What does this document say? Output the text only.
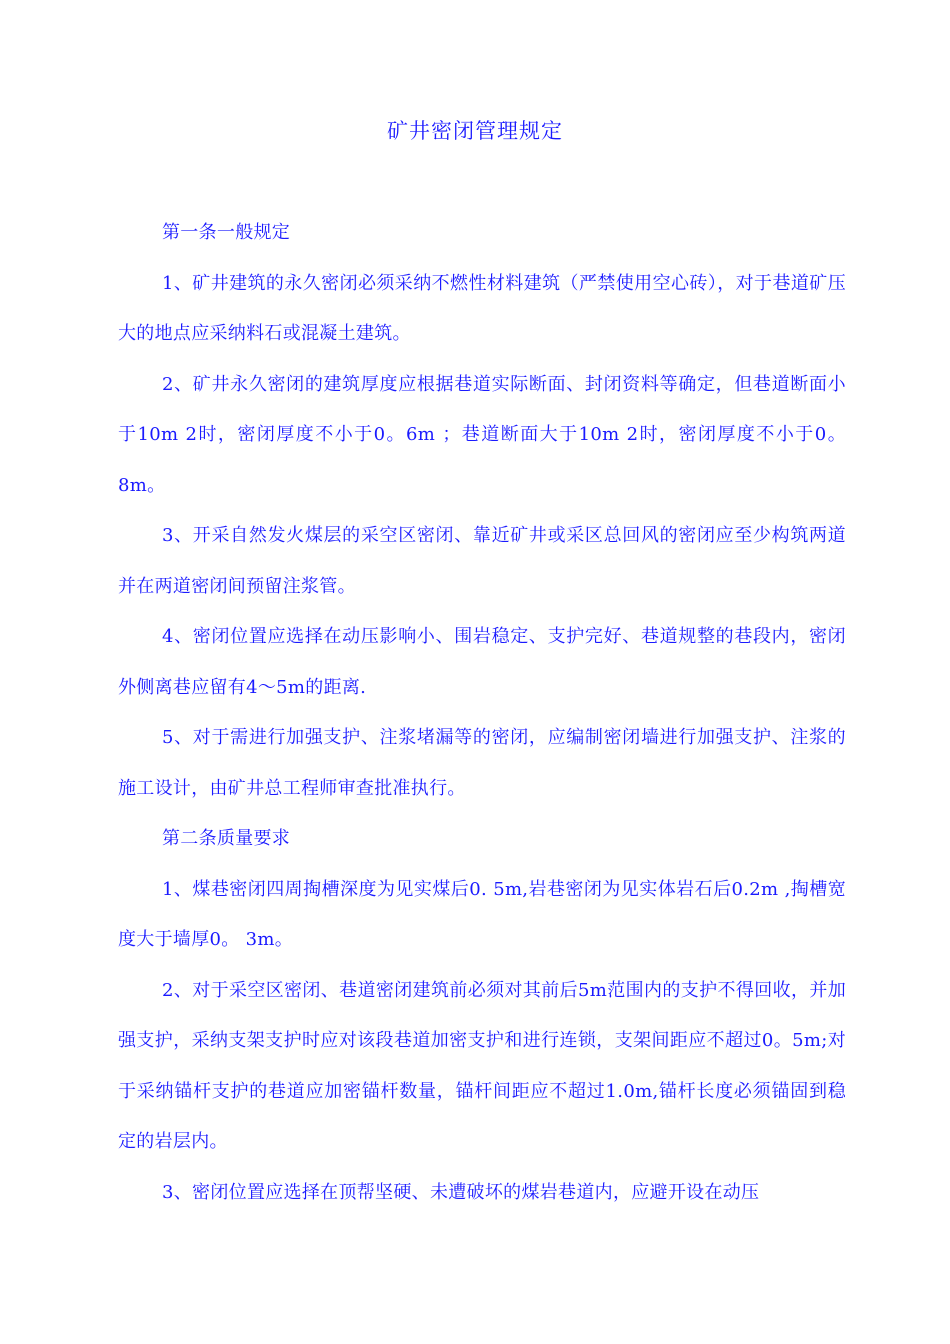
矿井密闭管理规定

第一条一般规定

1、矿井建筑的永久密闭必须采纳不燃性材料建筑（严禁使用空心砖），对于巷道矿压大的地点应采纳料石或混凝土建筑。

2、矿井永久密闭的建筑厚度应根据巷道实际断面、封闭资料等确定，但巷道断面小于10m 2时，密闭厚度不小于0。6m ；巷道断面大于10m 2时，密闭厚度不小于0。8m。

3、开采自然发火煤层的采空区密闭、靠近矿井或采区总回风的密闭应至少构筑两道并在两道密闭间预留注浆管。

4、密闭位置应选择在动压影响小、围岩稳定、支护完好、巷道规整的巷段内，密闭外侧离巷应留有4〜5m的距离.

5、对于需进行加强支护、注浆堵漏等的密闭，应编制密闭墙进行加强支护、注浆的施工设计，由矿井总工程师审查批准执行。

第二条质量要求

1、煤巷密闭四周掏槽深度为见实煤后0. 5m,岩巷密闭为见实体岩石后0.2m ,掏槽宽度大于墙厚0。 3m。

2、对于采空区密闭、巷道密闭建筑前必须对其前后5m范围内的支护不得回收，并加强支护，采纳支架支护时应对该段巷道加密支护和进行连锁，支架间距应不超过0。5m;对于采纳锚杆支护的巷道应加密锚杆数量，锚杆间距应不超过1.0m,锚杆长度必须锚固到稳定的岩层内。

3、密闭位置应选择在顶帮坚硬、未遭破坏的煤岩巷道内，应避开设在动压
